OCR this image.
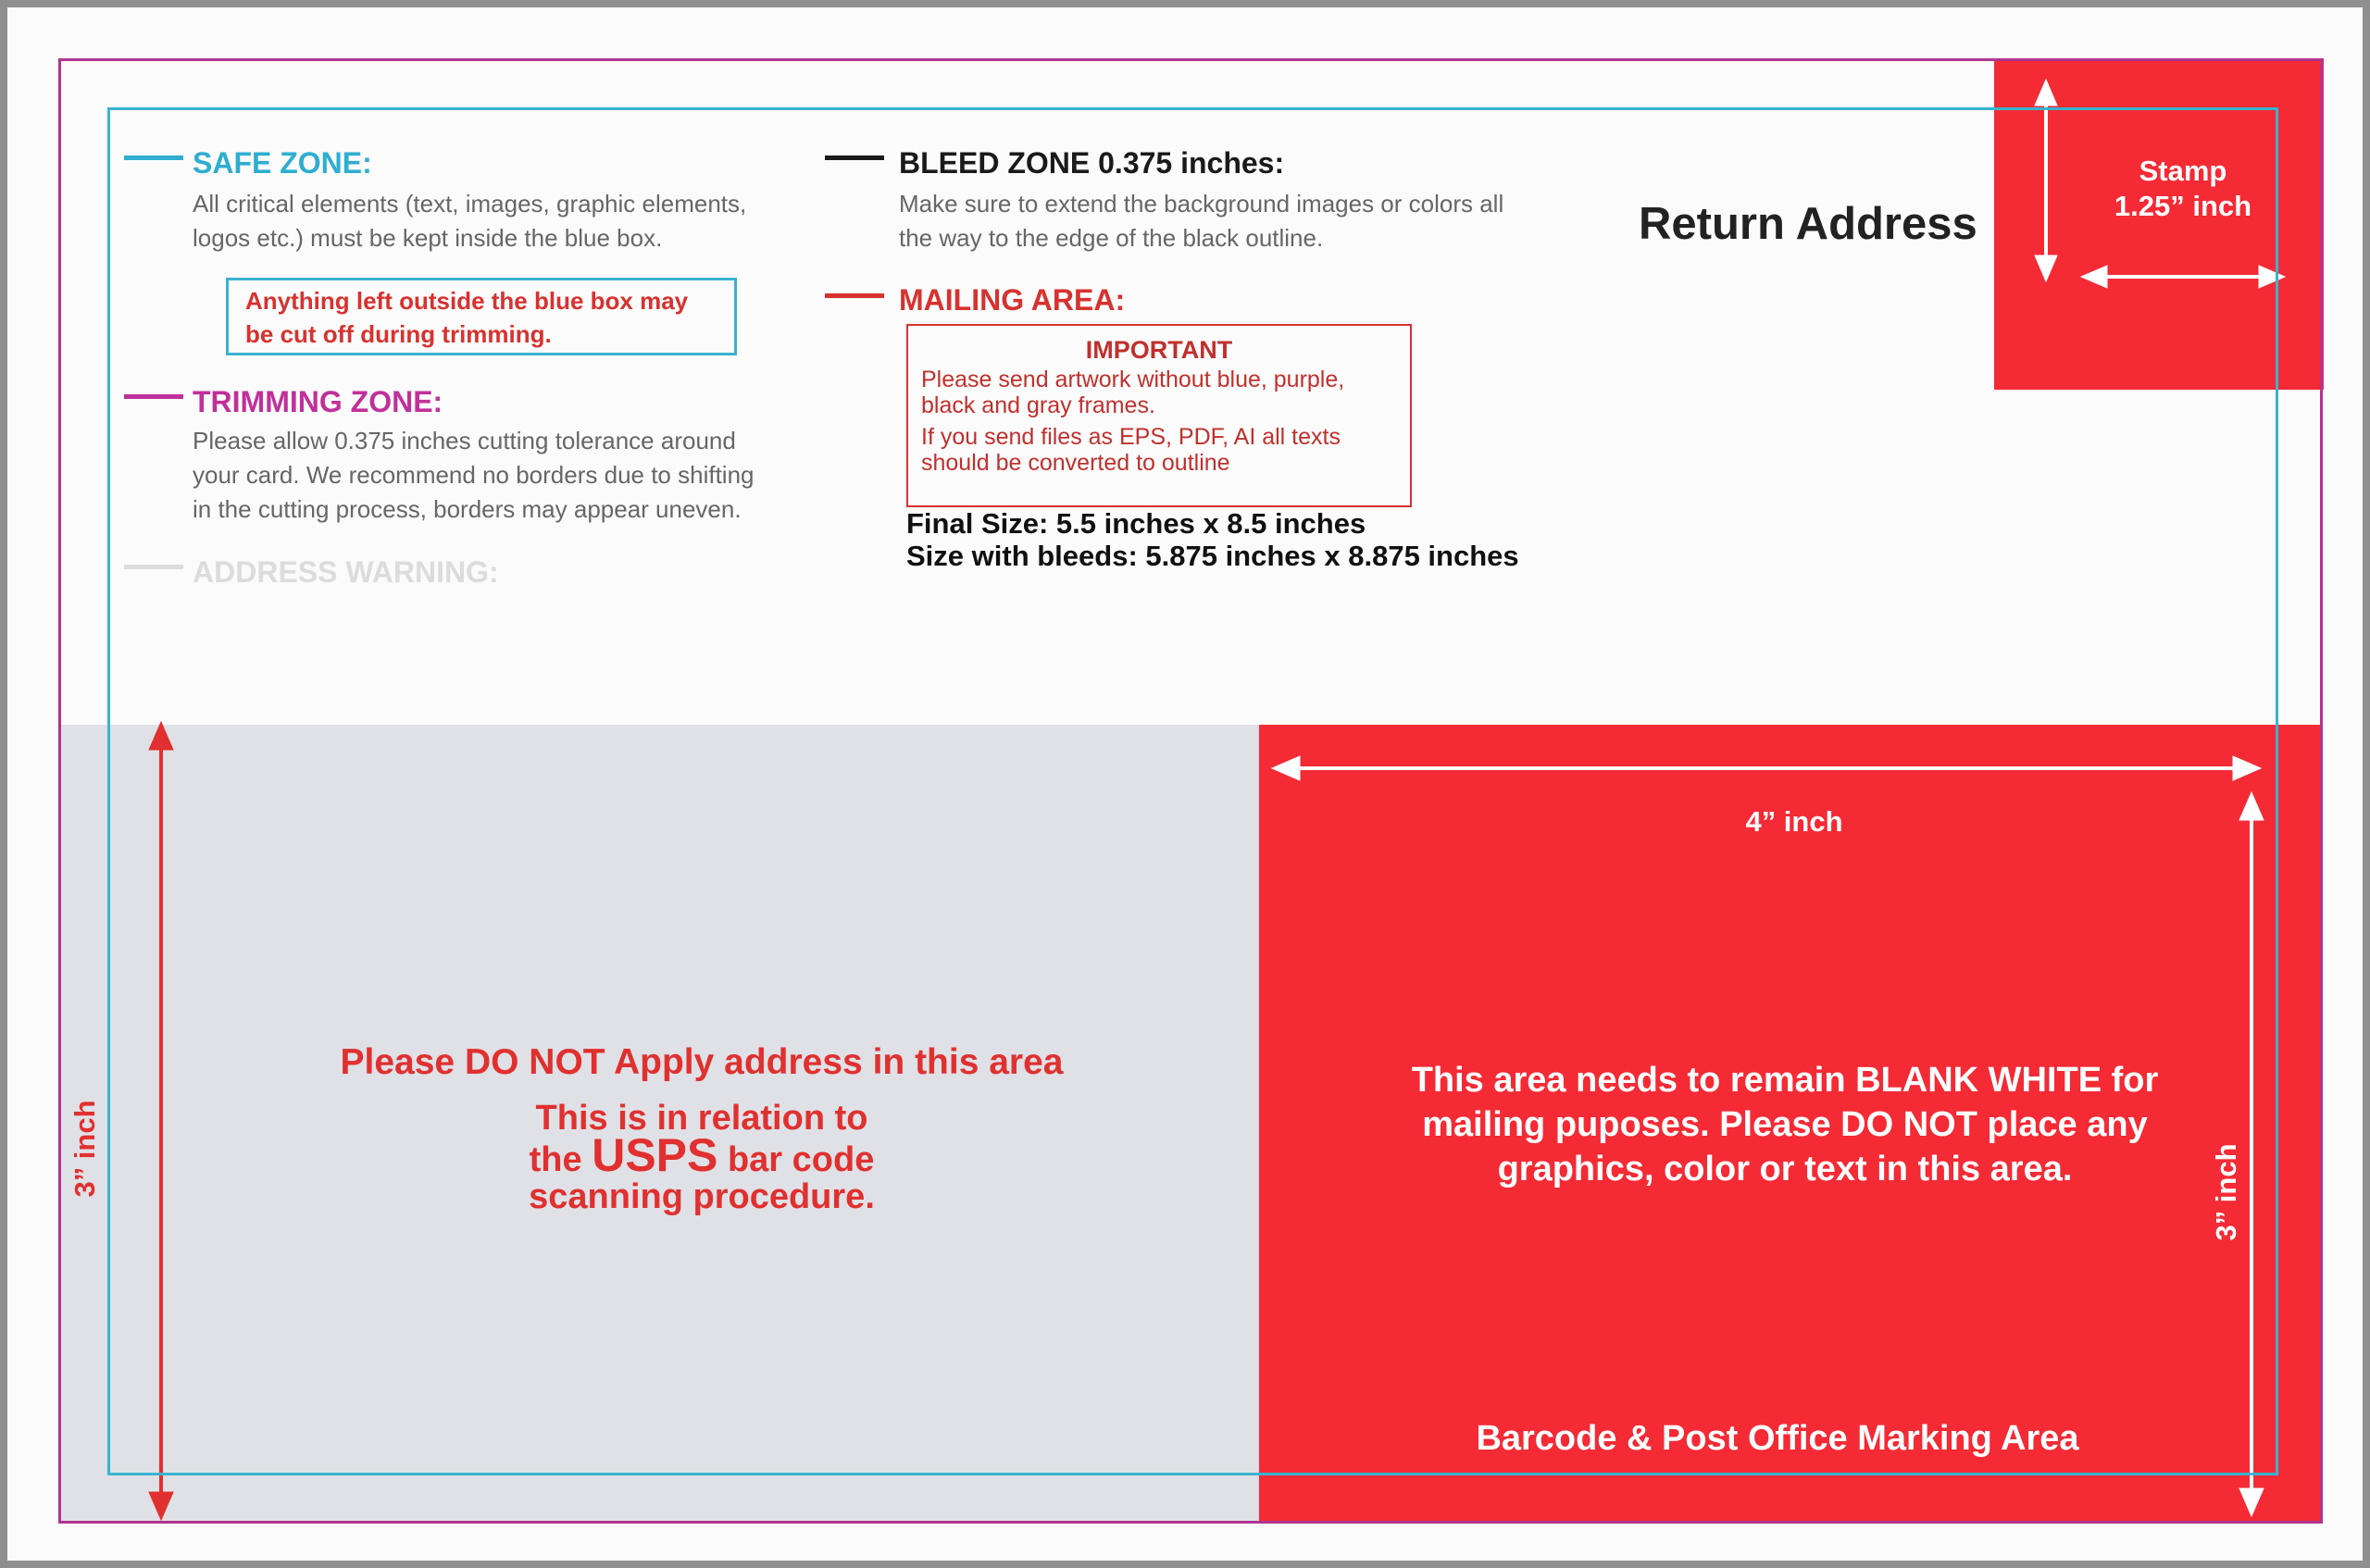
SAFE ZONE:
All critical elements (text, images, graphic elements,
logos etc.) must be kept inside the blue box.
Anything left outside the blue box may
be cut off during trimming.
TRIMMING ZONE:
Please allow 0.375 inches cutting tolerance around
your card. We recommend no borders due to shifting
in the cutting process, borders may appear uneven.
ADDRESS WARNING:
BLEED ZONE 0.375 inches:
Make sure to extend the background images or colors all
the way to the edge of the black outline.
MAILING AREA:
IMPORTANT
Please send artwork without blue, purple,
black and gray frames.
If you send files as EPS, PDF, AI all texts
should be converted to outline
Final Size: 5.5 inches x 8.5 inches
Size with bleeds: 5.875 inches x 8.875 inches
Return Address
Stamp
1.25” inch
Please DO NOT Apply address in this area
This is in relation to
the USPS bar code
scanning procedure.
3” inch
4” inch
This area needs to remain BLANK WHITE for
mailing puposes. Please DO NOT place any
graphics, color or text in this area.
Barcode & Post Office Marking Area
3” inch
